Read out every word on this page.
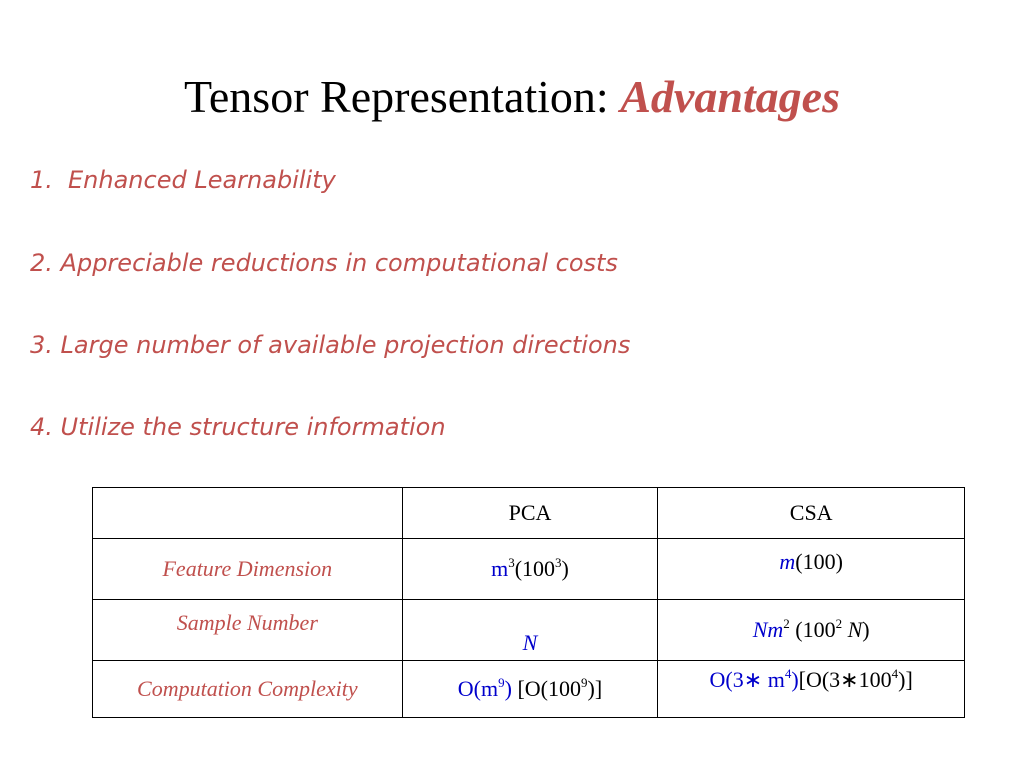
Tensor Representation: Advantages
1. Enhanced Learnability
2. Appreciable reductions in computational costs
3. Large number of available projection directions
4. Utilize the structure information
	PCA	CSA
Feature Dimension	$m^3(100^3)$	m(100)
Sample Number	N	Nm$^2$ ($100^2$ N)
Computation Complexity	$O(m^9)$ $[O(100^9)]$	O(3∗ $m^4)[O(3∗100^4)]$
